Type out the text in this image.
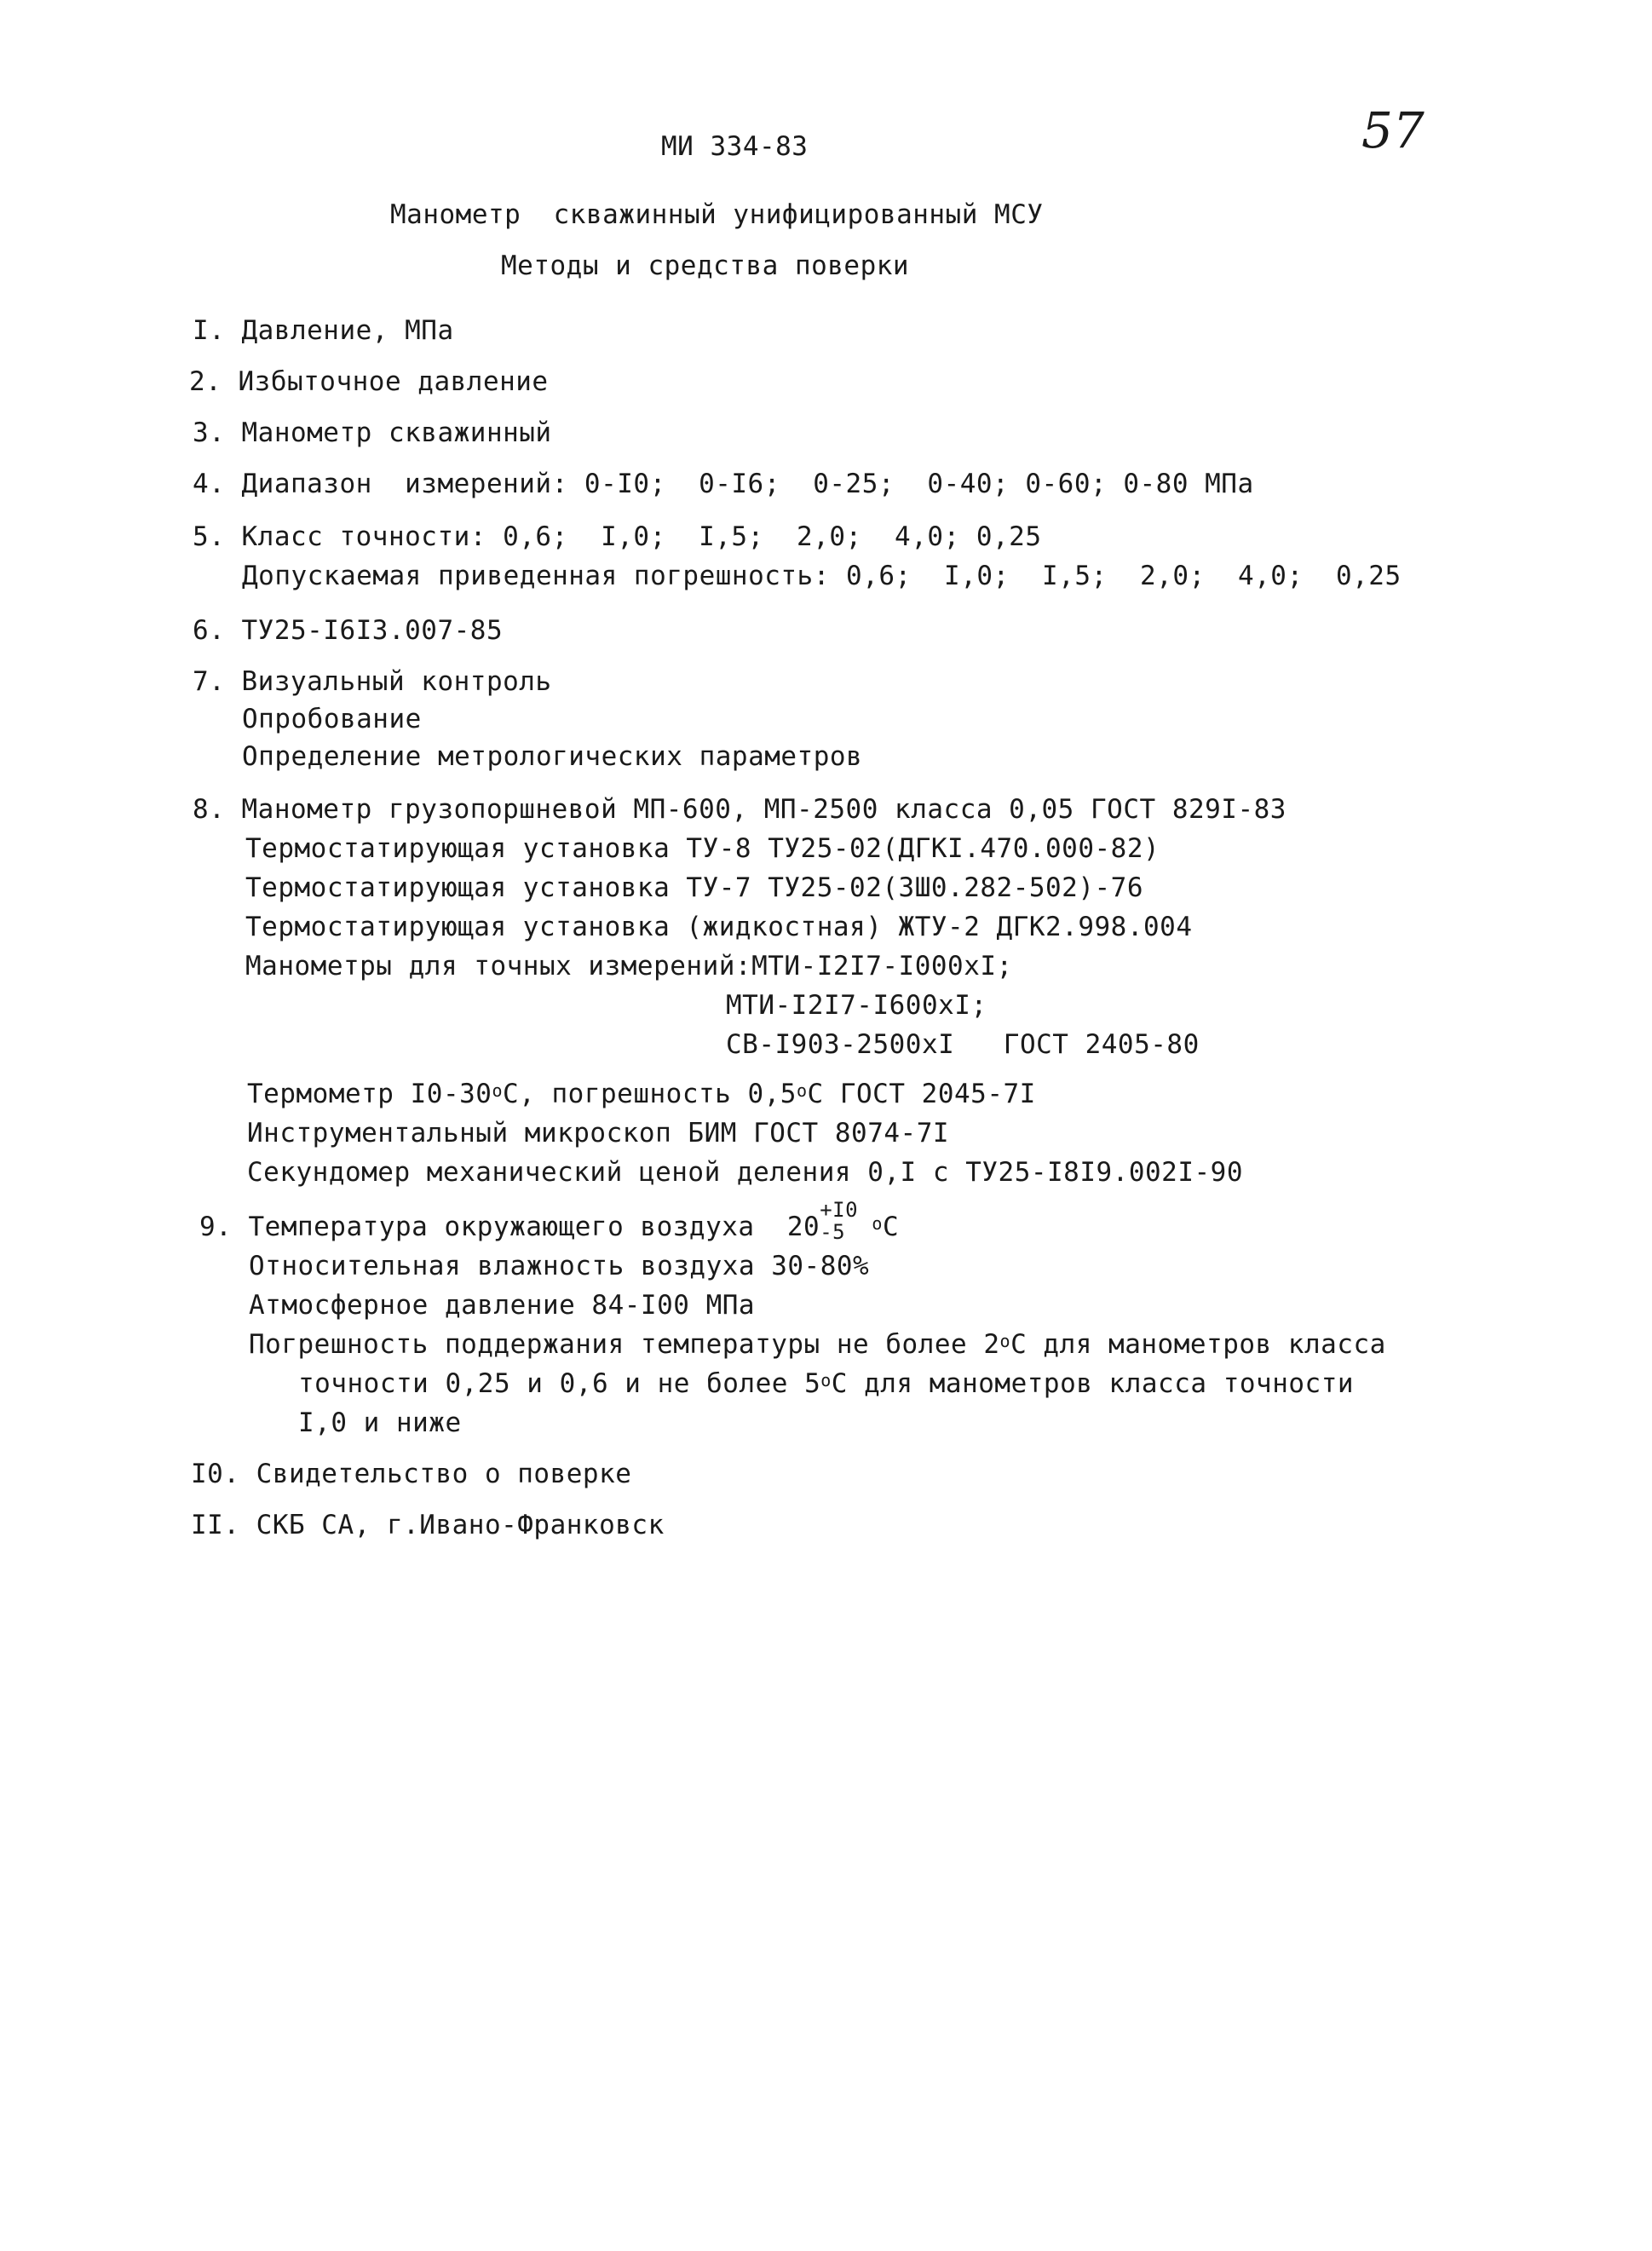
57
МИ 334-83
Манометр  скважинный унифицированный МСУ
Методы и средства поверки
I. Давление, МПа
2. Избыточное давление
3. Манометр скважинный
4. Диапазон  измерений: 0-I0;  0-I6;  0-25;  0-40; 0-60; 0-80 МПа
5. Класс точности: 0,6;  I,0;  I,5;  2,0;  4,0; 0,25
Допускаемая приведенная погрешность: 0,6;  I,0;  I,5;  2,0;  4,0;  0,25
6. ТУ25-I6I3.007-85
7. Визуальный контроль
Опробование
Определение метрологических параметров
8. Манометр грузопоршневой МП-600, МП-2500 класса 0,05 ГОСТ 829I-83
Термостатирующая установка ТУ-8 ТУ25-02(ДГКI.470.000-82)
Термостатирующая установка ТУ-7 ТУ25-02(ЗШ0.282-502)-76
Термостатирующая установка (жидкостная) ЖТУ-2 ДГК2.998.004
Манометры для точных измерений:МТИ-I2I7-I000xI;
МТИ-I2I7-I600xI;
СВ-I903-2500xI   ГОСТ 2405-80
Термометр $I0-30^оС$, погрешность $0,5^оС$ ГОСТ 2045-7I
Инструментальный микроскоп БИМ ГОСТ 8074-7I
Секундомер механический ценой деления 0,I с ТУ25-I8I9.002I-90
9. Температура окружающего воздуха  20
+I0
-5 $^о$С
Относительная влажность воздуха 30-80%
Атмосферное давление 84-I00 МПа
Погрешность поддержания температуры не более $2^оС$ для манометров класса
точности 0,25 и 0,6 и не более $5^оС$ для манометров класса точности
I,0 и ниже
I0. Свидетельство о поверке
II. СКБ СА, г.Ивано-Франковск
